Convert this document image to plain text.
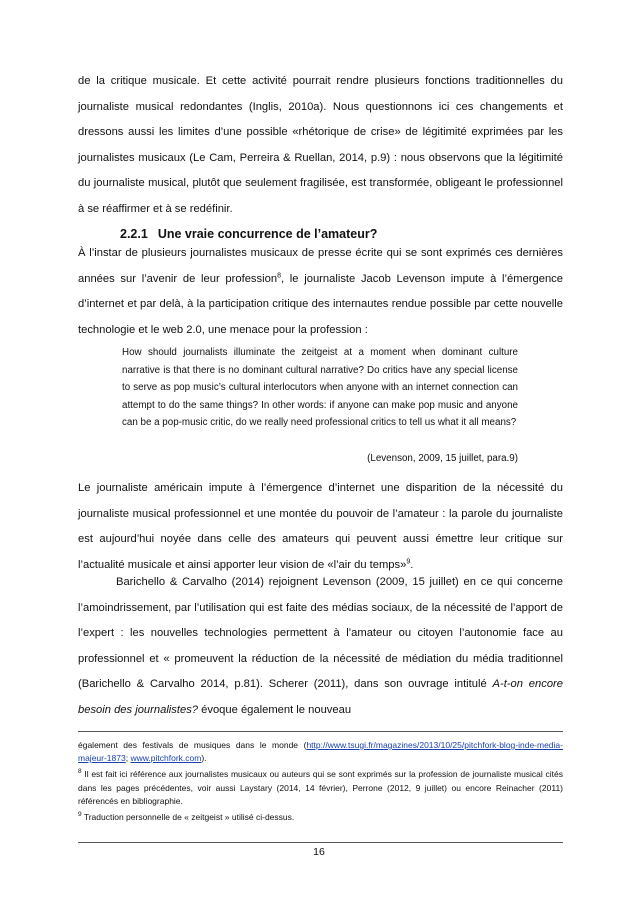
de la critique musicale. Et cette activité pourrait rendre plusieurs fonctions traditionnelles du journaliste musical redondantes (Inglis, 2010a). Nous questionnons ici ces changements et dressons aussi les limites d’une possible «rhétorique de crise» de légitimité exprimées par les journalistes musicaux (Le Cam, Perreira & Ruellan, 2014, p.9) : nous observons que la légitimité du journaliste musical, plutôt que seulement fragilisée, est transformée, obligeant le professionnel à se réaffirmer et à se redéfinir.

2.2.1 Une vraie concurrence de l’amateur?

À l’instar de plusieurs journalistes musicaux de presse écrite qui se sont exprimés ces dernières années sur l’avenir de leur profession$^8$, le journaliste Jacob Levenson impute à l’émergence d’internet et par delà, à la participation critique des internautes rendue possible par cette nouvelle technologie et le web 2.0, une menace pour la profession :

How should journalists illuminate the zeitgeist at a moment when dominant culture narrative is that there is no dominant cultural narrative? Do critics have any special license to serve as pop music’s cultural interlocutors when anyone with an internet connection can attempt to do the same things? In other words: if anyone can make pop music and anyone can be a pop-music critic, do we really need professional critics to tell us what it all means?

(Levenson, 2009, 15 juillet, para.9)

Le journaliste américain impute à l’émergence d’internet une disparition de la nécessité du journaliste musical professionnel et une montée du pouvoir de l’amateur : la parole du journaliste est aujourd’hui noyée dans celle des amateurs qui peuvent aussi émettre leur critique sur l’actualité musicale et ainsi apporter leur vision de «l’air du temps»$^9$.

Barichello & Carvalho (2014) rejoignent Levenson (2009, 15 juillet) en ce qui concerne l’amoindrissement, par l’utilisation qui est faite des médias sociaux, de la nécessité de l’apport de l’expert : les nouvelles technologies permettent à l’amateur ou citoyen l’autonomie face au professionnel et « promeuvent la réduction de la nécessité de médiation du média traditionnel (Barichello & Carvalho 2014, p.81). Scherer (2011), dans son ouvrage intitulé A-t-on encore besoin des journalistes? évoque également le nouveau

également des festivals de musiques dans le monde (http://www.tsugi.fr/magazines/2013/10/25/pitchfork-blog-inde-media-majeur-1873; www.pitchfork.com).

$^8$ Il est fait ici référence aux journalistes musicaux ou auteurs qui se sont exprimés sur la profession de journaliste musical cités dans les pages précédentes, voir aussi Laystary (2014, 14 février), Perrone (2012, 9 juillet) ou encore Reinacher (2011) référencés en bibliographie.

$^9$ Traduction personnelle de « zeitgeist » utilisé ci-dessus.

16
